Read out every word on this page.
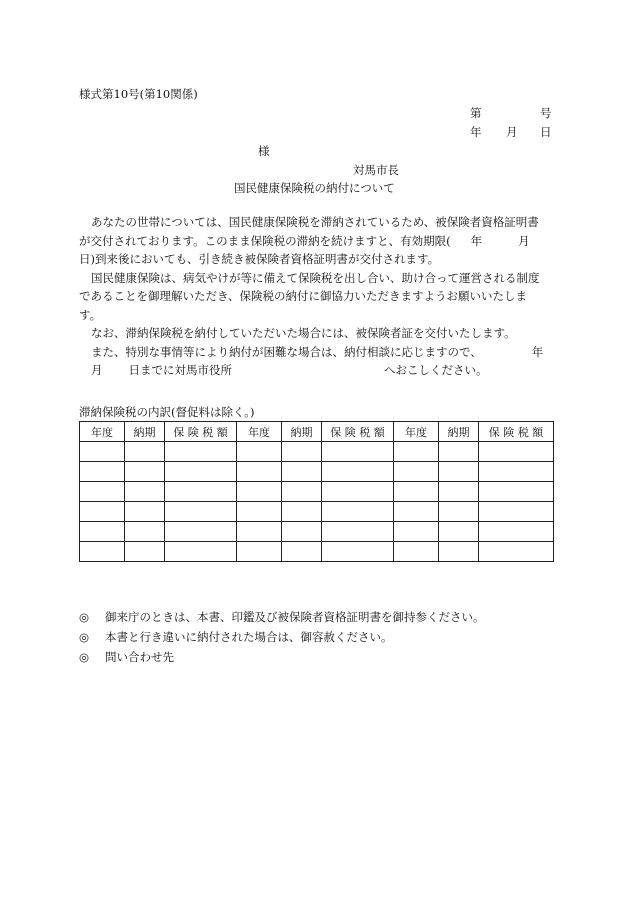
様式第10号(第10関係)
第	号
年 月 日
様
対馬市長
国民健康保険税の納付について
あなたの世帯については、国民健康保険税を滞納されているため、被保険者資格証明書
が交付されております。このまま保険税の滞納を続けますと、有効期限( 年	月
日)到来後においても、引き続き被保険者資格証明書が交付されます。
国民健康保険は、病気やけが等に備えて保険税を出し合い、助け合って運営される制度
であることを御理解いただき、保険税の納付に御協力いただきますようお願いいたしま
す。
なお、滞納保険税を納付していただいた場合には、被保険者証を交付いたします。
また、特別な事情等により納付が困難な場合は、納付相談に応じますので、	年
月 日までに対馬市役所	へおこしください。
滞納保険税の内訳(督促料は除く。)
年度	納期	保 険 税 額	年度	納期	保 険 税 額	年度	納期	保 険 税 額

◎ 御来庁のときは、本書、印鑑及び被保険者資格証明書を御持参ください。
◎ 本書と行き違いに納付された場合は、御容赦ください。
◎ 問い合わせ先
